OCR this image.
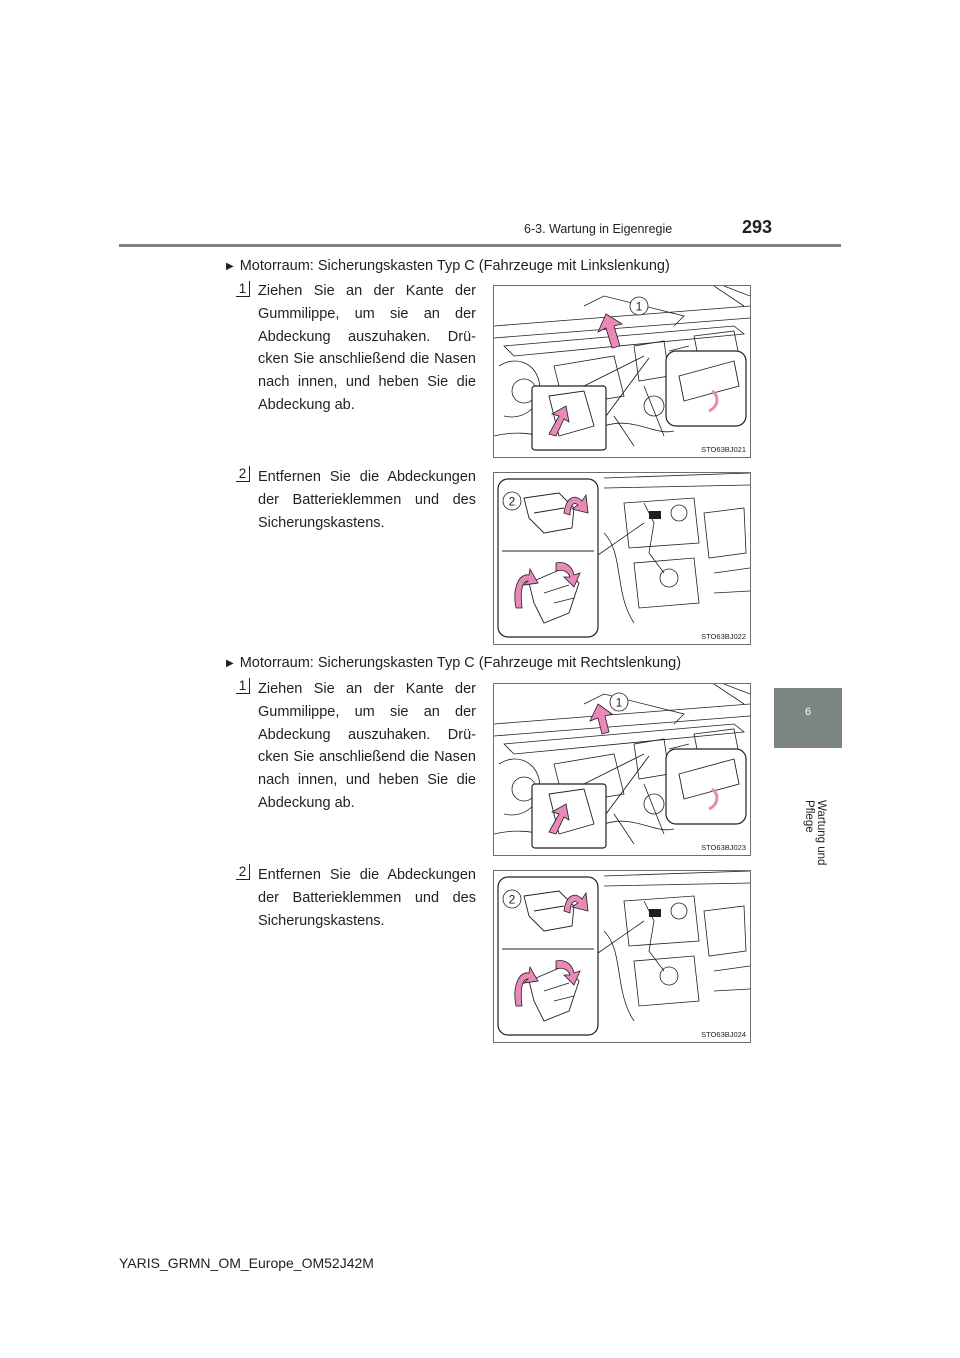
6-3. Wartung in Eigenregie	293
6
Wartung und Pflege
▶ Motorraum: Sicherungskasten Typ C (Fahrzeuge mit Linkslenkung)
1 Ziehen Sie an der Kante der Gummilippe, um sie an der Abdeckung auszuhaken. Drü-cken Sie anschließend die Nasen nach innen, und heben Sie die Abdeckung ab.
1
STO63BJ021
2 Entfernen Sie die Abdeckungen der Batterieklemmen und des Sicherungskastens.
2
STO63BJ022
▶ Motorraum: Sicherungskasten Typ C (Fahrzeuge mit Rechtslenkung)
1 Ziehen Sie an der Kante der Gummilippe, um sie an der Abdeckung auszuhaken. Drü-cken Sie anschließend die Nasen nach innen, und heben Sie die Abdeckung ab.
1
STO63BJ023
2 Entfernen Sie die Abdeckungen der Batterieklemmen und des Sicherungskastens.
2
STO63BJ024
YARIS_GRMN_OM_Europe_OM52J42M
